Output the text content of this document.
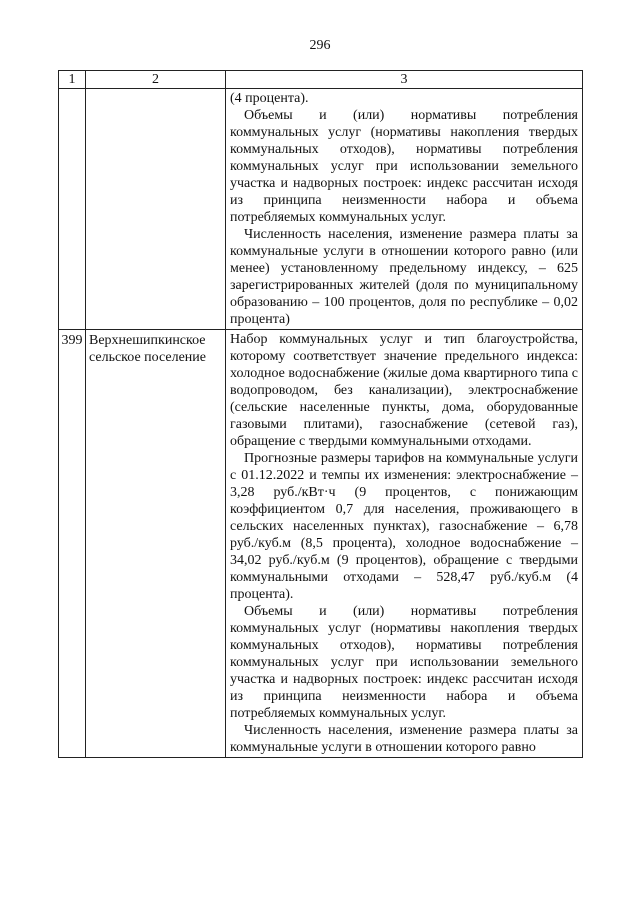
296
1	2	3

		(4 процента).

Объемы и (или) нормативы потребления коммунальных услуг (нормативы накопления твердых коммунальных отходов), нормативы потребления коммунальных услуг при использовании земельного участка и надворных построек: индекс рассчитан исходя из принципа неизменности набора и объема потребляемых коммунальных услуг.

Численность населения, изменение размера платы за коммунальные услуги в отношении которого равно (или менее) установленному предельному индексу, – 625 зарегистрированных жителей (доля по муниципальному образованию – 100 процентов, доля по республике – 0,02 процента)

399	Верхнешипкинское сельское поселение	Набор коммунальных услуг и тип благоустройства, которому соответствует значение предельного индекса: холодное водоснабжение (жилые дома квартирного типа с водопроводом, без канализации), электроснабжение (сельские населенные пункты, дома, оборудованные газовыми плитами), газоснабжение (сетевой газ), обращение с твердыми коммунальными отходами.

Прогнозные размеры тарифов на коммунальные услуги с 01.12.2022 и темпы их изменения: электроснабжение – 3,28 руб./кВт·ч (9 процентов, с понижающим коэффициентом 0,7 для населения, проживающего в сельских населенных пунктах), газоснабжение – 6,78 руб./куб.м (8,5 процента), холодное водоснабжение – 34,02 руб./куб.м (9 процентов), обращение с твердыми коммунальными отходами – 528,47 руб./куб.м (4 процента).

Объемы и (или) нормативы потребления коммунальных услуг (нормативы накопления твердых коммунальных отходов), нормативы потребления коммунальных услуг при использовании земельного участка и надворных построек: индекс рассчитан исходя из принципа неизменности набора и объема потребляемых коммунальных услуг.

Численность населения, изменение размера платы за коммунальные услуги в отношении которого равно
